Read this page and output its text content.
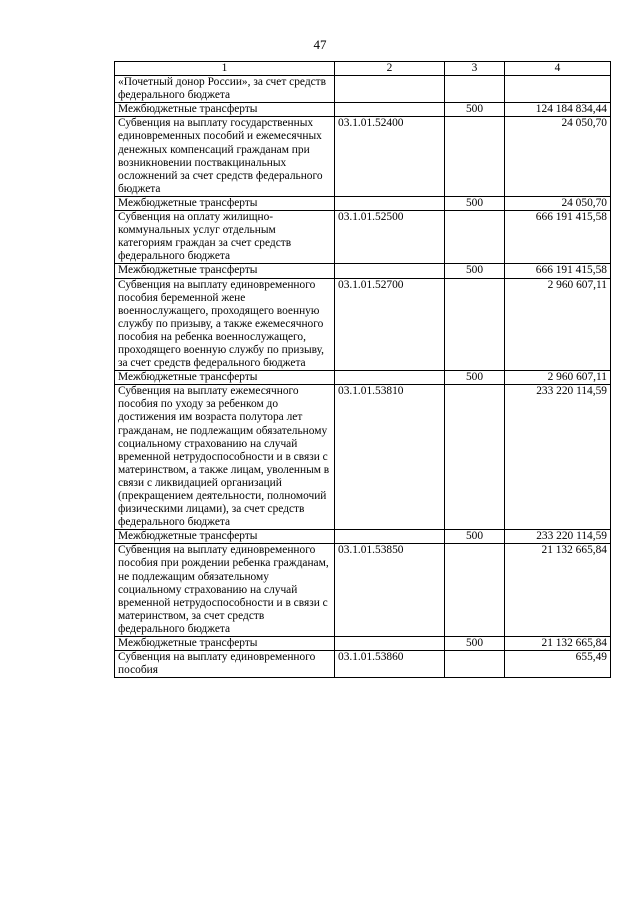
47
1	2	3	4
«Почетный донор России», за счет средств федерального бюджета			
Межбюджетные трансферты		500	124 184 834,44
Субвенция на выплату государственных единовременных пособий и ежемесячных денежных компенсаций гражданам при возникновении поствакцинальных осложнений за счет средств федерального бюджета	03.1.01.52400		24 050,70
Межбюджетные трансферты		500	24 050,70
Субвенция на оплату жилищно-коммунальных услуг отдельным категориям граждан за счет средств федерального бюджета	03.1.01.52500		666 191 415,58
Межбюджетные трансферты		500	666 191 415,58
Субвенция на выплату единовременного пособия беременной жене военнослужащего, проходящего военную службу по призыву, а также ежемесячного пособия на ребенка военнослужащего, проходящего военную службу по призыву, за счет средств федерального бюджета	03.1.01.52700		2 960 607,11
Межбюджетные трансферты		500	2 960 607,11
Субвенция на выплату ежемесячного пособия по уходу за ребенком до достижения им возраста полутора лет гражданам, не подлежащим обязательному социальному страхованию на случай временной нетрудоспособности и в связи с материнством, а также лицам, уволенным в связи с ликвидацией организаций (прекращением деятельности, полномочий физическими лицами), за счет средств федерального бюджета	03.1.01.53810		233 220 114,59
Межбюджетные трансферты		500	233 220 114,59
Субвенция на выплату единовременного пособия при рождении ребенка гражданам, не подлежащим обязательному социальному страхованию на случай временной нетрудоспособности и в связи с материнством, за счет средств федерального бюджета	03.1.01.53850		21 132 665,84
Межбюджетные трансферты		500	21 132 665,84
Субвенция на выплату единовременного пособия	03.1.01.53860		655,49
